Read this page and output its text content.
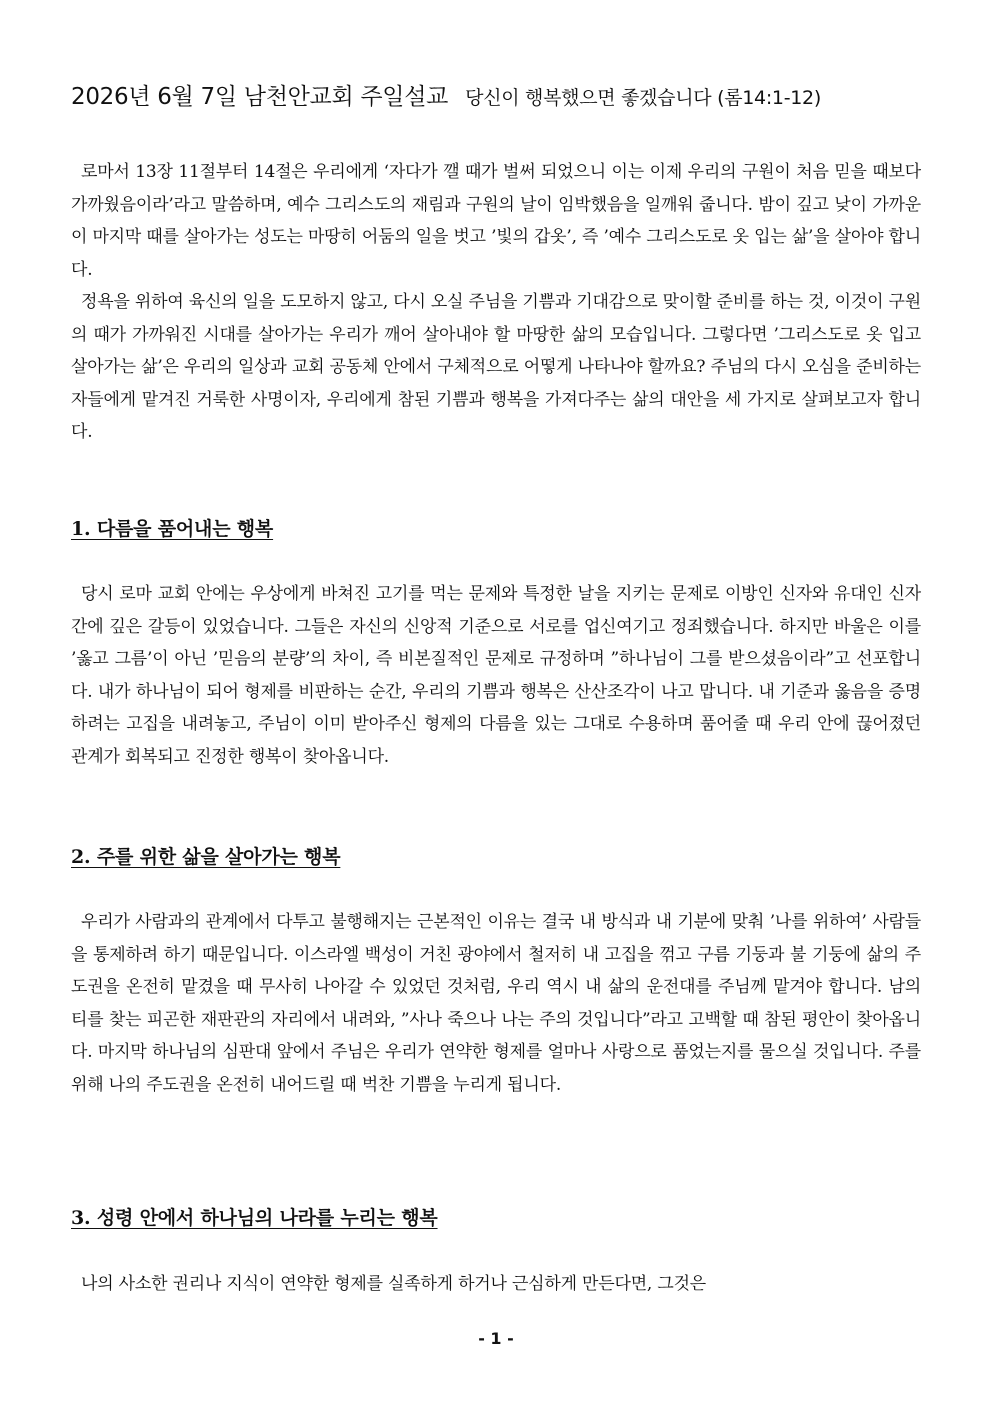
2026년 6월 7일 남천안교회 주일설교 당신이 행복했으면 좋겠습니다 (롬14:1-12)

로마서 13장 11절부터 14절은 우리에게 ‘자다가 깰 때가 벌써 되었으니 이는 이제 우리의 구원이 처음 믿을 때보다 가까웠음이라’라고 말씀하며, 예수 그리스도의 재림과 구원의 날이 임박했음을 일깨워 줍니다. 밤이 깊고 낮이 가까운 이 마지막 때를 살아가는 성도는 마땅히 어둠의 일을 벗고 ’빛의 갑옷’, 즉 ’예수 그리스도로 옷 입는 삶’을 살아야 합니다.

정욕을 위하여 육신의 일을 도모하지 않고, 다시 오실 주님을 기쁨과 기대감으로 맞이할 준비를 하는 것, 이것이 구원의 때가 가까워진 시대를 살아가는 우리가 깨어 살아내야 할 마땅한 삶의 모습입니다. 그렇다면 ’그리스도로 옷 입고 살아가는 삶’은 우리의 일상과 교회 공동체 안에서 구체적으로 어떻게 나타나야 할까요? 주님의 다시 오심을 준비하는 자들에게 맡겨진 거룩한 사명이자, 우리에게 참된 기쁨과 행복을 가져다주는 삶의 대안을 세 가지로 살펴보고자 합니다.

1. 다름을 품어내는 행복

당시 로마 교회 안에는 우상에게 바쳐진 고기를 먹는 문제와 특정한 날을 지키는 문제로 이방인 신자와 유대인 신자 간에 깊은 갈등이 있었습니다. 그들은 자신의 신앙적 기준으로 서로를 업신여기고 정죄했습니다. 하지만 바울은 이를 ’옳고 그름’이 아닌 ’믿음의 분량’의 차이, 즉 비본질적인 문제로 규정하며 ”하나님이 그를 받으셨음이라”고 선포합니다. 내가 하나님이 되어 형제를 비판하는 순간, 우리의 기쁨과 행복은 산산조각이 나고 맙니다. 내 기준과 옳음을 증명하려는 고집을 내려놓고, 주님이 이미 받아주신 형제의 다름을 있는 그대로 수용하며 품어줄 때 우리 안에 끊어졌던 관계가 회복되고 진정한 행복이 찾아옵니다.

2. 주를 위한 삶을 살아가는 행복

우리가 사람과의 관계에서 다투고 불행해지는 근본적인 이유는 결국 내 방식과 내 기분에 맞춰 ’나를 위하여’ 사람들을 통제하려 하기 때문입니다. 이스라엘 백성이 거친 광야에서 철저히 내 고집을 꺾고 구름 기둥과 불 기둥에 삶의 주도권을 온전히 맡겼을 때 무사히 나아갈 수 있었던 것처럼, 우리 역시 내 삶의 운전대를 주님께 맡겨야 합니다. 남의 티를 찾는 피곤한 재판관의 자리에서 내려와, ”사나 죽으나 나는 주의 것입니다”라고 고백할 때 참된 평안이 찾아옵니다. 마지막 하나님의 심판대 앞에서 주님은 우리가 연약한 형제를 얼마나 사랑으로 품었는지를 물으실 것입니다. 주를 위해 나의 주도권을 온전히 내어드릴 때 벅찬 기쁨을 누리게 됩니다.

3. 성령 안에서 하나님의 나라를 누리는 행복

나의 사소한 권리나 지식이 연약한 형제를 실족하게 하거나 근심하게 만든다면, 그것은

- 1 -
